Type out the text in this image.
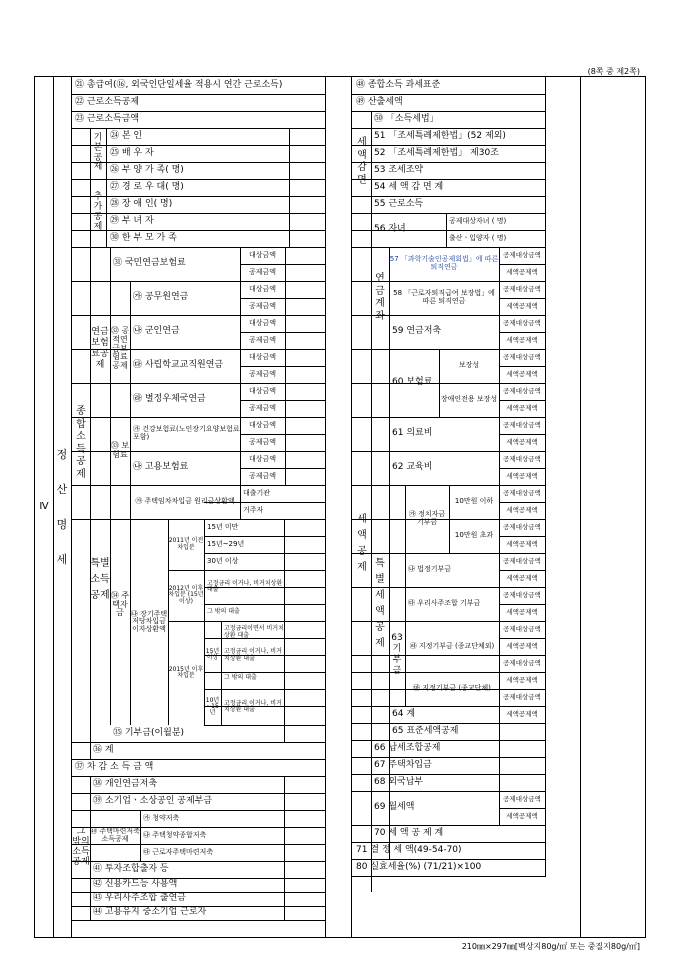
(8쪽 중 제2쪽)
Ⅳ
정 산 명 세
㉑ 총급여(⑯, 외국인단일세율 적용시 연간 근로소득)
㉒ 근로소득공제
㉓ 근로소득금액
종합소득공제
기본공제
추가공제
㉔ 본 인
㉕ 배 우 자
㉖ 부 양 가 족( 명)
㉗ 경 로 우 대( 명)
㉘ 장 애 인( 명)
㉙ 부 녀 자
㉚ 한 부 모 가 족
연금보험료공제
㉛ 국민연금보험료
㉜ 공적연금보험료공제
㉮ 공무원연금
㉯ 군인연금
㉰ 사립학교교직원연금
㉱ 별정우체국연금
특별소득공제
㉝ 보험료
㉮ 건강보험료(노인장기요양보험료포함)
㉯ 고용보험료
대상금액
공제금액
대상금액
공제금액
대상금액
공제금액
대상금액
공제금액
대상금액
공제금액
대상금액
공제금액
대상금액
공제금액
㉞ 주택자금
㉮ 주택임차차입금 원리금상환액
대출기관
거주자
㉯ 장기주택저당차입금이자상환액
2011년 이전 차입분
15년 미만
15년~29년
30년 이상
2012년 이후 차입분 (15년 이상)
고정금리 이거나, 비거치상환 대출
그 밖의 대출
2015년 이후 차입분
15년 이상
고정금리이면서 비거치상환 대출
고정금리 이거나, 비거치상환 대출
그 밖의 대출
10년 ~15년
고정금리 이거나, 비거치상환 대출
㉟ 기부금(이월분)
㊱ 계
㊲ 차 감 소 득 금 액
그 밖의 소득공제
㊳ 개인연금저축
㊴ 소기업ㆍ소상공인 공제부금
㊵ 주택마련저축소득공제
㉮ 청약저축
㉯ 주택청약종합저축
㉰ 근로자주택마련저축
㊶ 투자조합출자 등
㊷ 신용카드등 사용액
㊸ 우리사주조합 출연금
㊹ 고용유지 중소기업 근로자
㊽ 종합소득 과세표준
㊾ 산출세액
세액감면
㊿ 「소득세법」
51 「조세특례제한법」(52 제외)
52 「조세특례제한법」 제30조
53 조세조약
54 세 액 감 면 계
세액공제
55 근로소득
56 자녀
공제대상자녀 ( 명)
출산ㆍ입양자 ( 명)
연금계좌
57 「과학기술인공제회법」에 따른 퇴직연금
58 「근로자퇴직급여 보장법」에 따른 퇴직연금
59 연금저축
특별세액공제
60 보험료
보장성
장애인전용 보장성
61 의료비
62 교육비
63 기부금
㉮ 정치자금 기부금
10만원 이하
10만원 초과
㉯ 법정기부금
㉰ 우리사주조합 기부금
㉱ 지정기부금 (종교단체외)
㉲ 지정기부금 (종교단체)
64 계
65 표준세액공제
66 납세조합공제
67 주택차입금
68 외국납부
69 월세액
70 세 액 공 제 계
71 결 정 세 액(49-54-70)
80 실효세율(%) (71/21)×100
공제대상금액
세액공제액
공제대상금액
세액공제액
공제대상금액
세액공제액
공제대상금액
세액공제액
공제대상금액
세액공제액
공제대상금액
세액공제액
공제대상금액
세액공제액
공제대상금액
세액공제액
공제대상금액
세액공제액
공제대상금액
세액공제액
공제대상금액
세액공제액
공제대상금액
세액공제액
공제대상금액
세액공제액
공제대상금액
세액공제액
공제대상금액
세액공제액
210㎜×297㎜[백상지80g/㎡ 또는 중질지80g/㎡]
